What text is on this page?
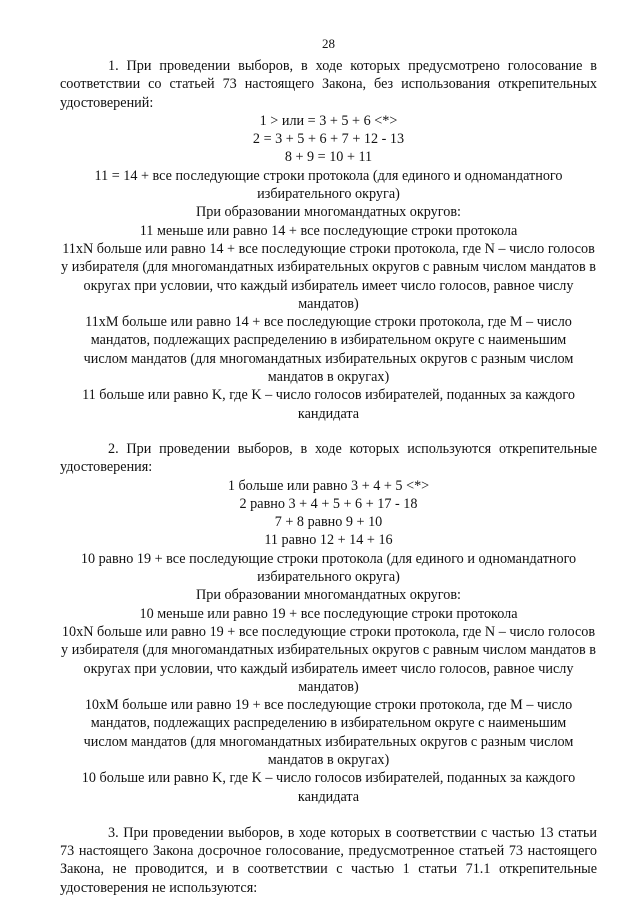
28

1. При проведении выборов, в ходе которых предусмотрено голосование в соответствии со статьей 73 настоящего Закона, без использования открепительных удостоверений:

1 > или = 3 + 5 + 6 <*>

2 = 3 + 5 + 6 + 7 + 12 - 13

8 + 9 = 10 + 11

11 = 14 + все последующие строки протокола (для единого и одномандатного избирательного округа)

При образовании многомандатных округов:

11 меньше или равно 14 + все последующие строки протокола

11xN больше или равно 14 + все последующие строки протокола, где N – число голосов у избирателя (для многомандатных избирательных округов с равным числом мандатов в округах при условии, что каждый избиратель имеет число голосов, равное числу мандатов)

11xM больше или равно 14 + все последующие строки протокола, где M – число мандатов, подлежащих распределению в избирательном округе с наименьшим числом мандатов (для многомандатных избирательных округов с разным числом мандатов в округах)

11 больше или равно K, где K – число голосов избирателей, поданных за каждого кандидата

2. При проведении выборов, в ходе которых используются открепительные удостоверения:

1 больше или равно 3 + 4 + 5 <*>

2 равно 3 + 4 + 5 + 6 + 17 - 18

7 + 8 равно 9 + 10

11 равно 12 + 14 + 16

10 равно 19 + все последующие строки протокола (для единого и одномандатного избирательного округа)

При образовании многомандатных округов:

10 меньше или равно 19 + все последующие строки протокола

10xN больше или равно 19 + все последующие строки протокола, где N – число голосов у избирателя (для многомандатных избирательных округов с равным числом мандатов в округах при условии, что каждый избиратель имеет число голосов, равное числу мандатов)

10xM больше или равно 19 + все последующие строки протокола, где M – число мандатов, подлежащих распределению в избирательном округе с наименьшим числом мандатов (для многомандатных избирательных округов с разным числом мандатов в округах)

10 больше или равно K, где K – число голосов избирателей, поданных за каждого кандидата

3. При проведении выборов, в ходе которых в соответствии с частью 13 статьи 73 настоящего Закона досрочное голосование, предусмотренное статьей 73 настоящего Закона, не проводится, и в соответствии с частью 1 статьи 71.1 открепительные удостоверения не используются:
